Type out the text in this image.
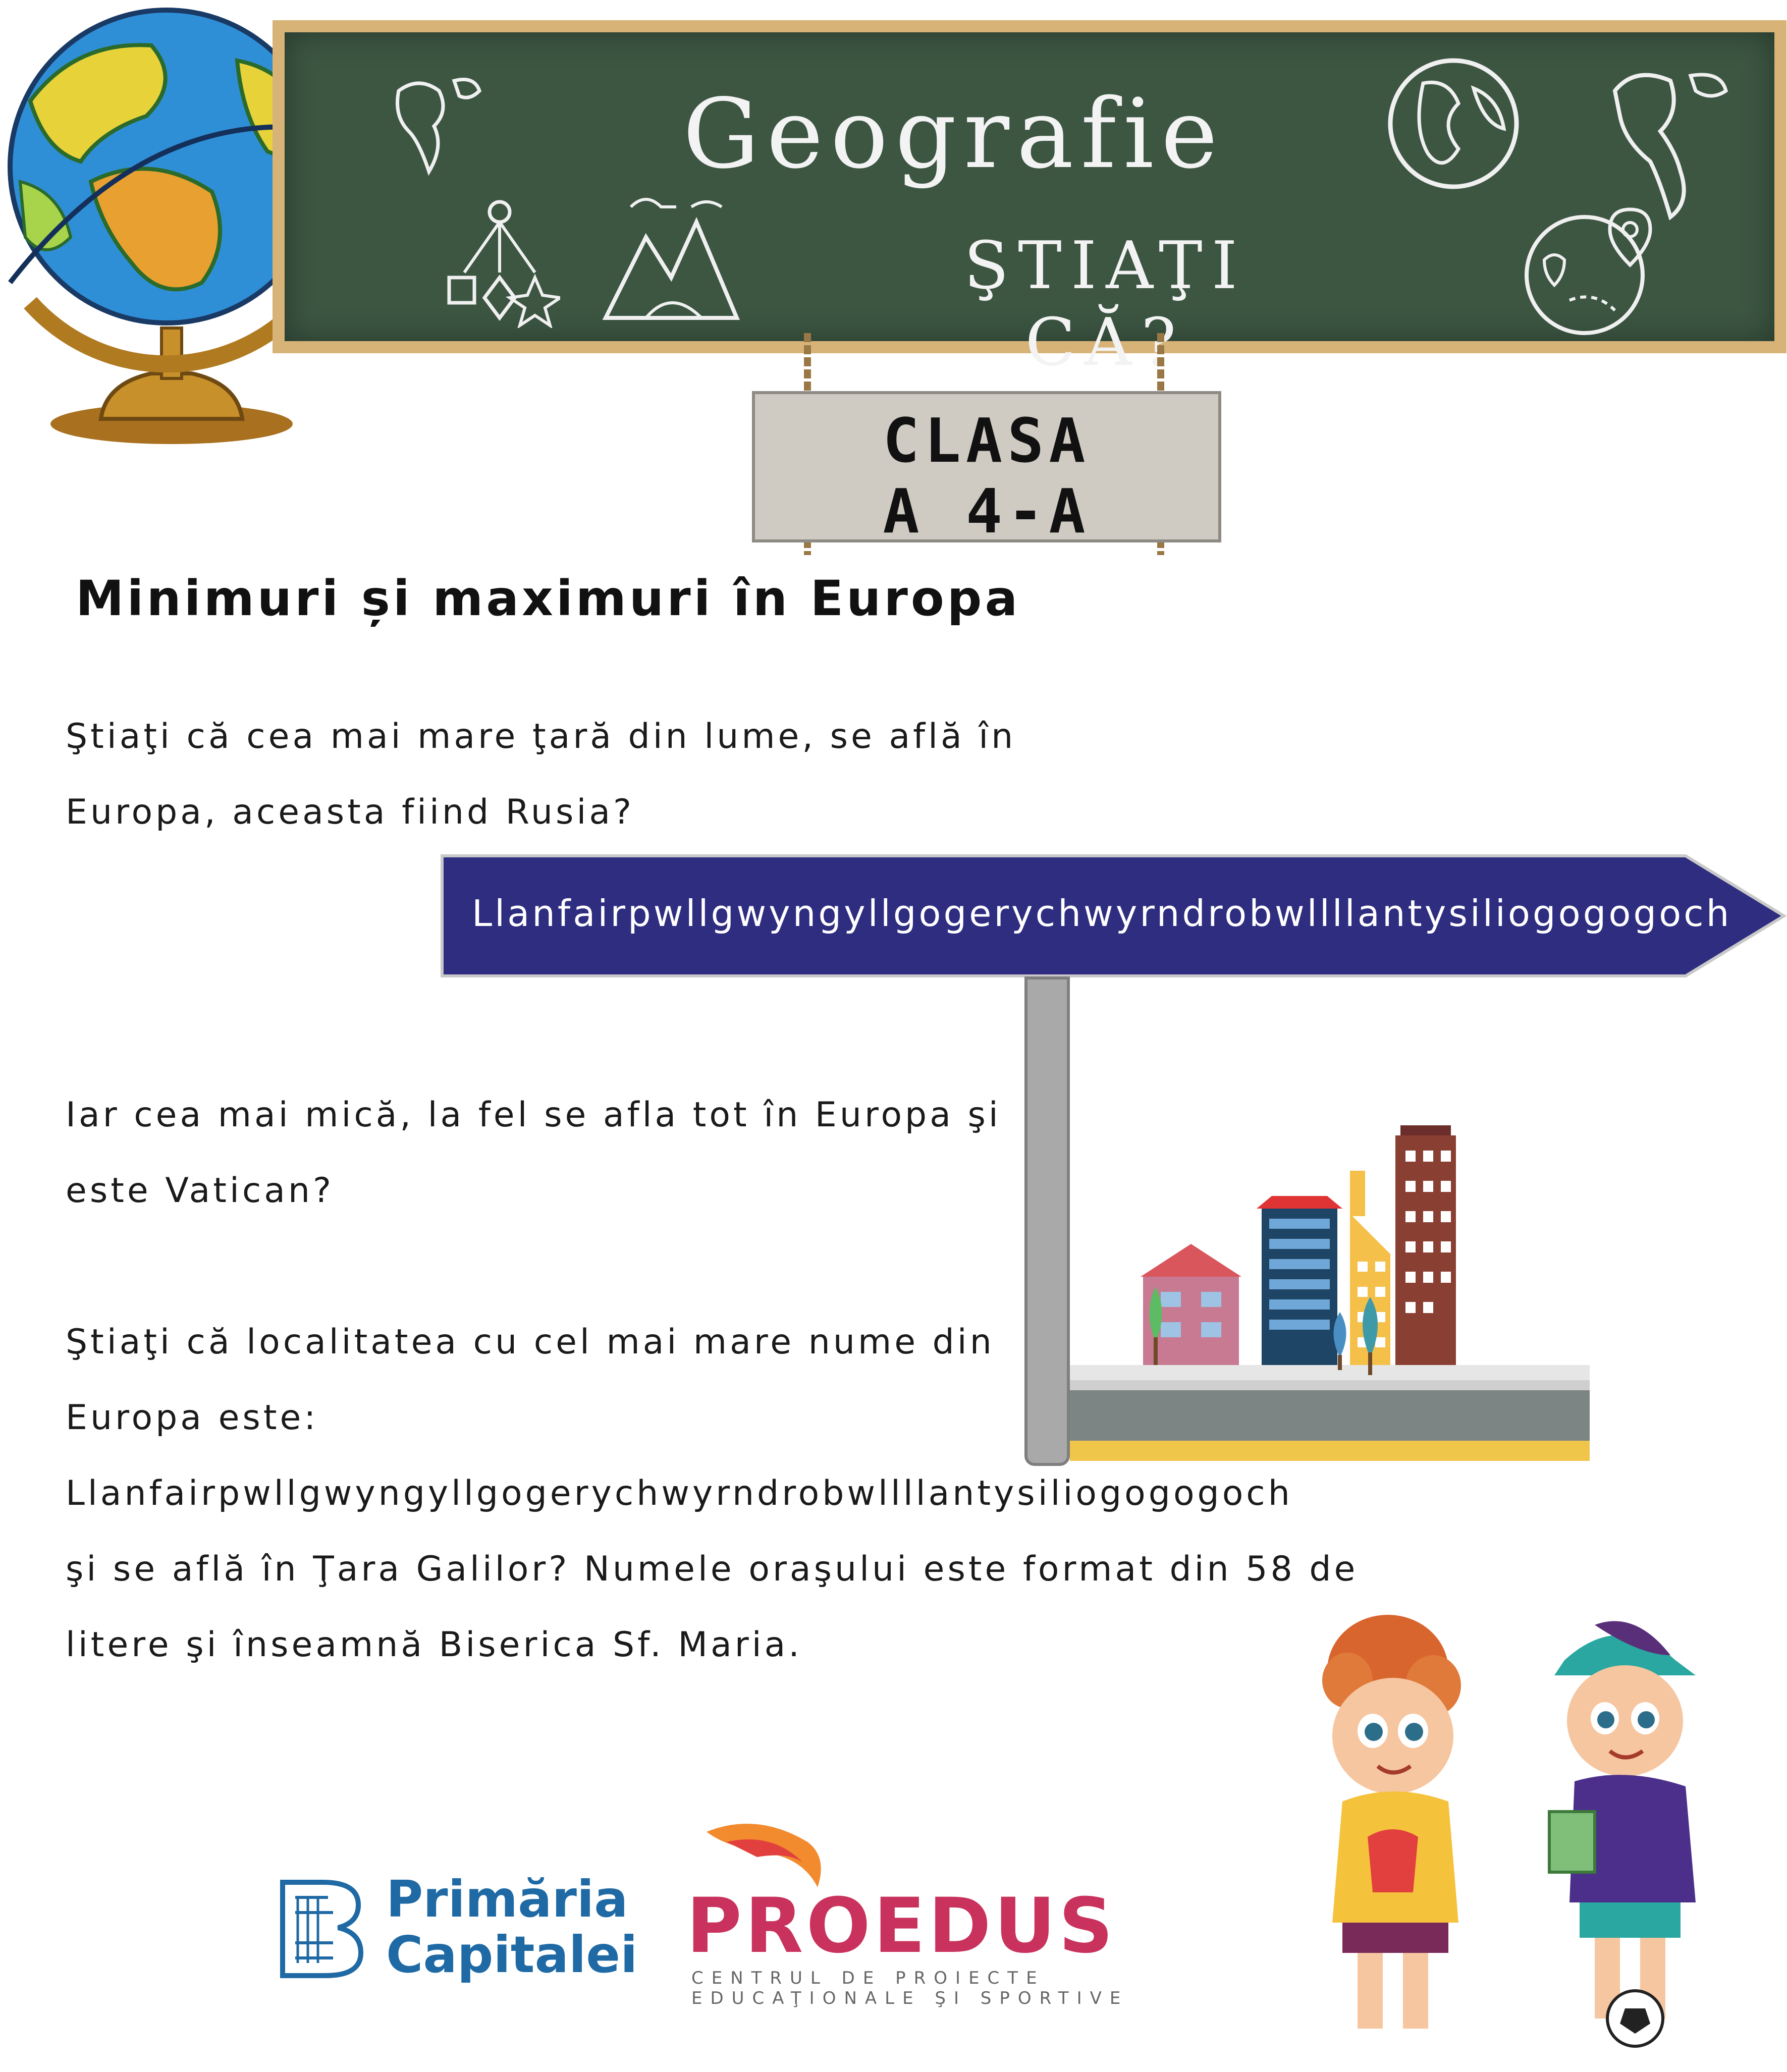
Geografie
ŞTIAŢI CĂ?
CLASA
A 4-A
Minimuri și maximuri în Europa
Ştiaţi că cea mai mare ţară din lume, se află în
Europa, aceasta fiind Rusia?
Iar cea mai mică, la fel se afla tot în Europa şi
este Vatican?
Ştiaţi că localitatea cu cel mai mare nume din
Europa este:
Llanfairpwllgwyngyllgogerychwyrndrobwllllantysiliogogogoch
şi se află în Ţara Galilor? Numele oraşului este format din 58 de
litere şi înseamnă Biserica Sf. Maria.
Llanfairpwllgwyngyllgogerychwyrndrobwllllantysiliogogogoch
Primăria
Capitalei PROEDUS
CENTRUL DE PROIECTE
EDUCAŢIONALE ŞI SPORTIVE
